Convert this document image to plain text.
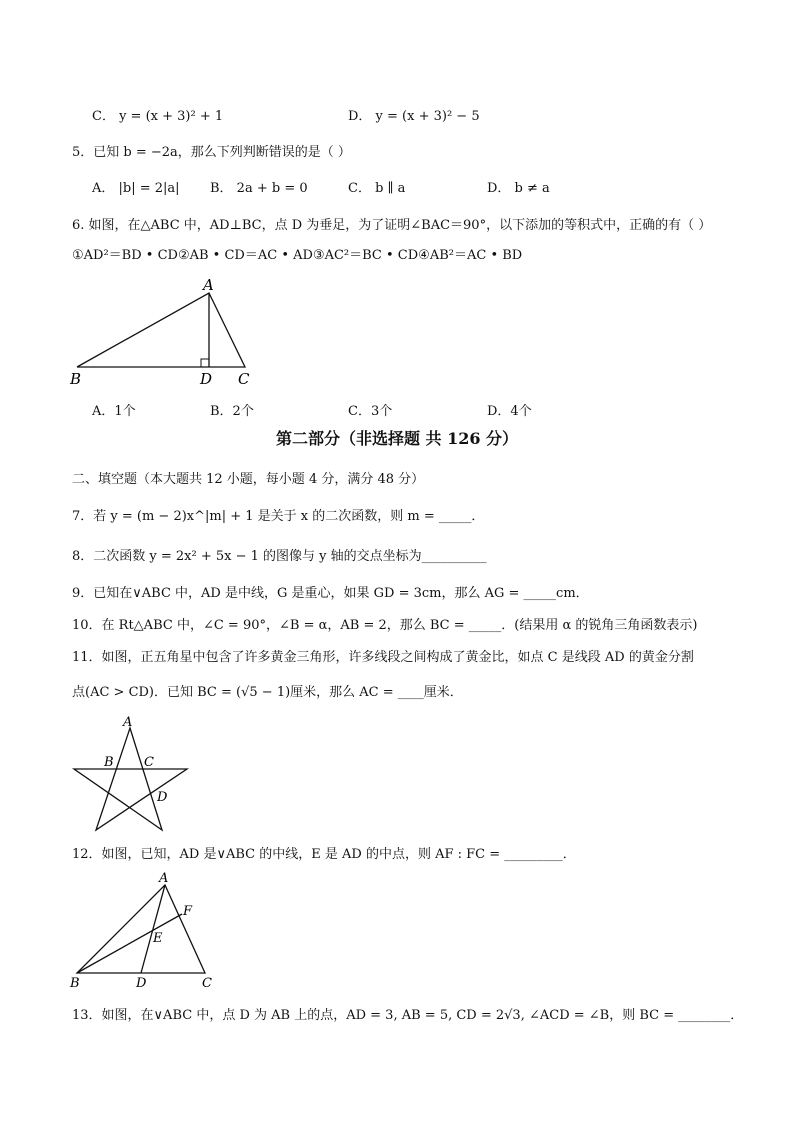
C． y = (x + 3)² + 1	D． y = (x + 3)² − 5
5．已知 b = −2a，那么下列判断错误的是（ ）
A． |b| = 2|a| B． 2a + b = 0	C． b ∥ a	D． b ≠ a
6. 如图，在△ABC 中，AD⊥BC，点 D 为垂足，为了证明∠BAC＝90°，以下添加的等积式中，正确的有（ ）
①AD²＝BD • CD②AB • CD＝AC • AD③AC²＝BC • CD④AB²＝AC • BD
A
B	D C
A．1个	B．2个	C．3个	D．4个
第二部分（非选择题 共 126 分）
二、填空题（本大题共 12 小题，每小题 4 分，满分 48 分）
7．若 y = (m − 2)x^|m| + 1 是关于 x 的二次函数，则 m = _____．
8．二次函数 y = 2x² + 5x − 1 的图像与 y 轴的交点坐标为__________
9．已知在∨ABC 中，AD 是中线，G 是重心，如果 GD = 3cm，那么 AG = _____cm．
10．在 Rt△ABC 中，∠C = 90°，∠B = α，AB = 2，那么 BC = _____．(结果用 α 的锐角三角函数表示)
11．如图，正五角星中包含了许多黄金三角形，许多线段之间构成了黄金比，如点 C 是线段 AD 的黄金分割
点(AC > CD)．已知 BC = (√5 − 1)厘米，那么 AC = ____厘米．
A
B C
D
12．如图，已知，AD 是∨ABC 的中线，E 是 AD 的中点，则 AF : FC = _________．
A
F
E
B	D	C
13．如图，在∨ABC 中，点 D 为 AB 上的点，AD = 3, AB = 5, CD = 2√3, ∠ACD = ∠B，则 BC = ________．
